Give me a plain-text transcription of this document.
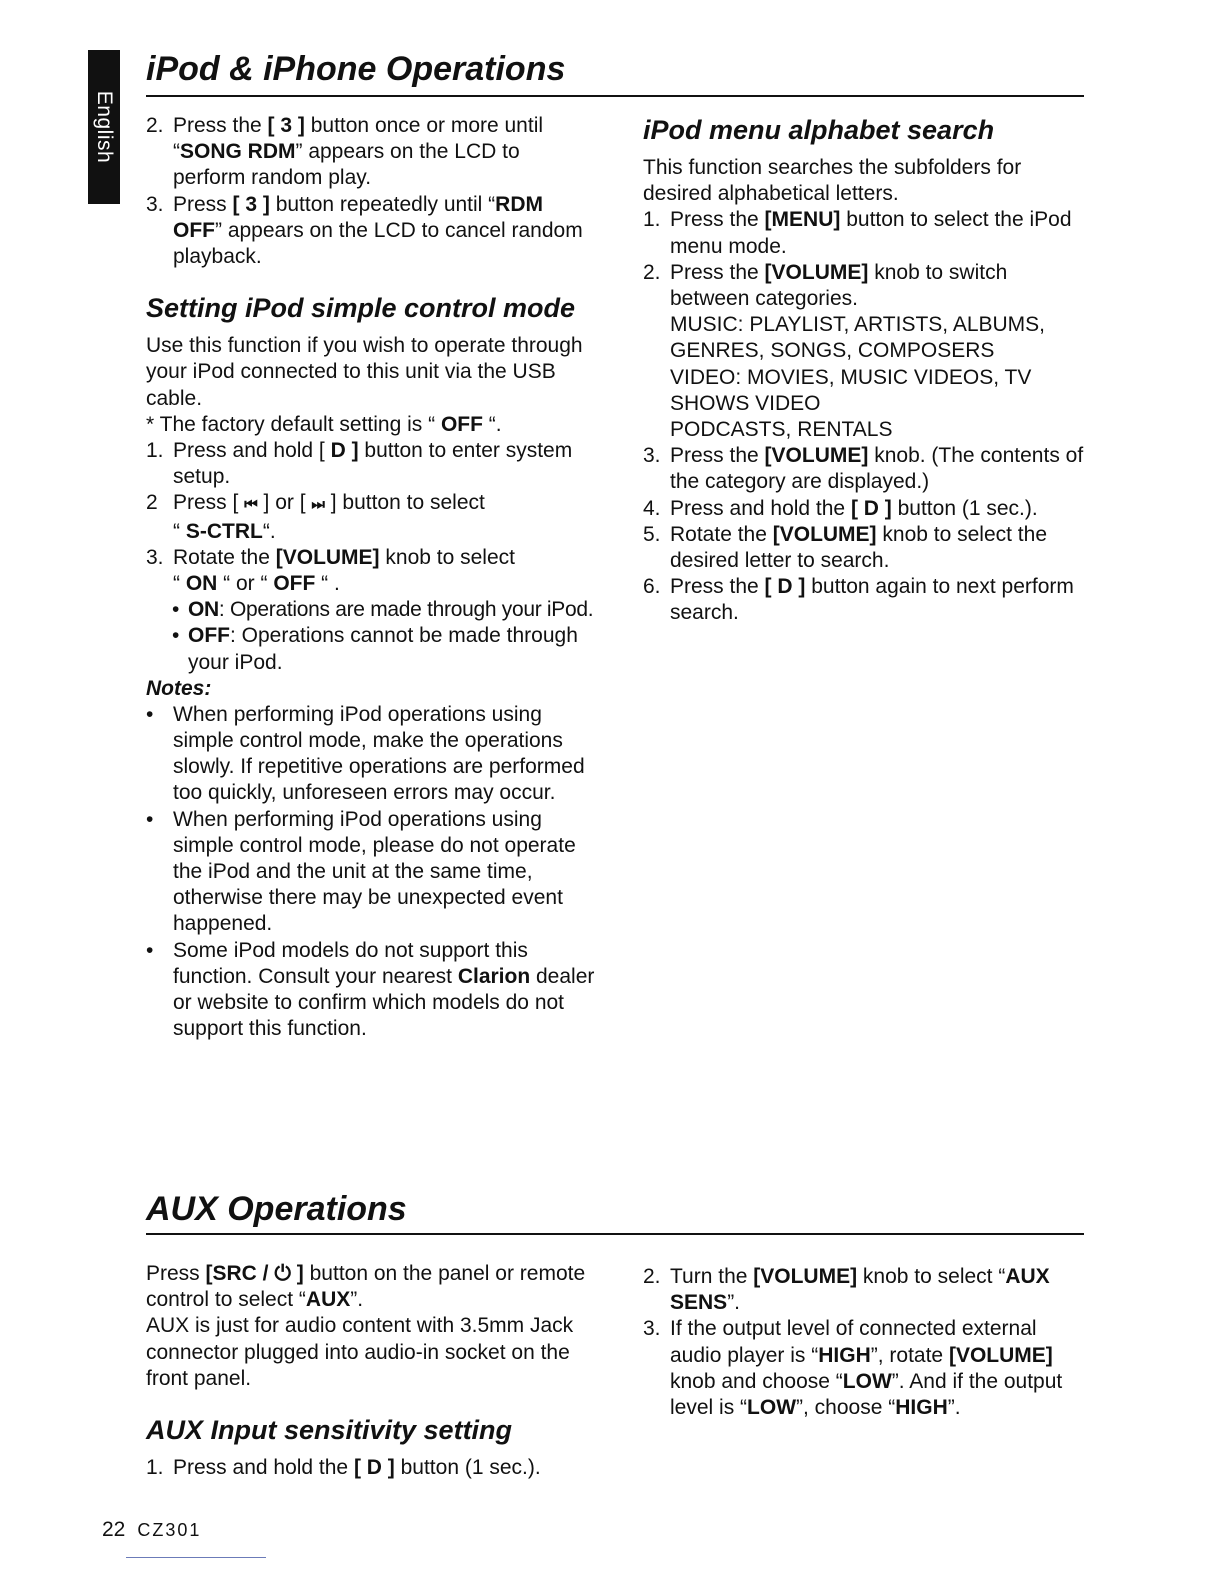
English
iPod & iPhone Operations
2. Press the [ 3 ] button once or more until “SONG RDM” appears on the LCD to perform random play.
3. Press [ 3 ] button repeatedly until “RDM OFF” appears on the LCD to cancel random playback.
Setting iPod simple control mode

Use this function if you wish to operate through your iPod connected to this unit via the USB cable.

* The factory default setting is “ OFF “.

1. Press and hold [ D ] button to enter system setup.
2 Press [ ⏮ ] or [ ⏭ ] button to select
“ S-CTRL“.
3. Rotate the [VOLUME] knob to select
“ ON “ or “ OFF “ .
• ON: Operations are made through your iPod.
• OFF: Operations cannot be made through your iPod.
Notes:
• When performing iPod operations using simple control mode, make the operations slowly. If repetitive operations are performed too quickly, unforeseen errors may occur.
• When performing iPod operations using simple control mode, please do not operate the iPod and the unit at the same time, otherwise there may be unexpected event happened.
• Some iPod models do not support this function. Consult your nearest Clarion dealer or website to confirm which models do not support this function.
iPod menu alphabet search

This function searches the subfolders for desired alphabetical letters.

1. Press the [MENU] button to select the iPod menu mode.
2. Press the [VOLUME] knob to switch between categories.

MUSIC: PLAYLIST, ARTISTS, ALBUMS, GENRES, SONGS, COMPOSERS

VIDEO: MOVIES, MUSIC VIDEOS, TV SHOWS VIDEO

PODCASTS, RENTALS

3. Press the [VOLUME] knob. (The contents of the category are displayed.)
4. Press and hold the [ D ] button (1 sec.).
5. Rotate the [VOLUME] knob to select the desired letter to search.
6. Press the [ D ] button again to next perform search.
AUX Operations

Press [SRC / ⏻ ] button on the panel or remote control to select “AUX”.

AUX is just for audio content with 3.5mm Jack connector plugged into audio-in socket on the front panel.

AUX Input sensitivity setting
1. Press and hold the [ D ] button (1 sec.).
2. Turn the [VOLUME] knob to select “AUX SENS”.
3. If the output level of connected external audio player is “HIGH”, rotate [VOLUME] knob and choose “LOW”. And if the output level is “LOW”, choose “HIGH”.
22 CZ301
